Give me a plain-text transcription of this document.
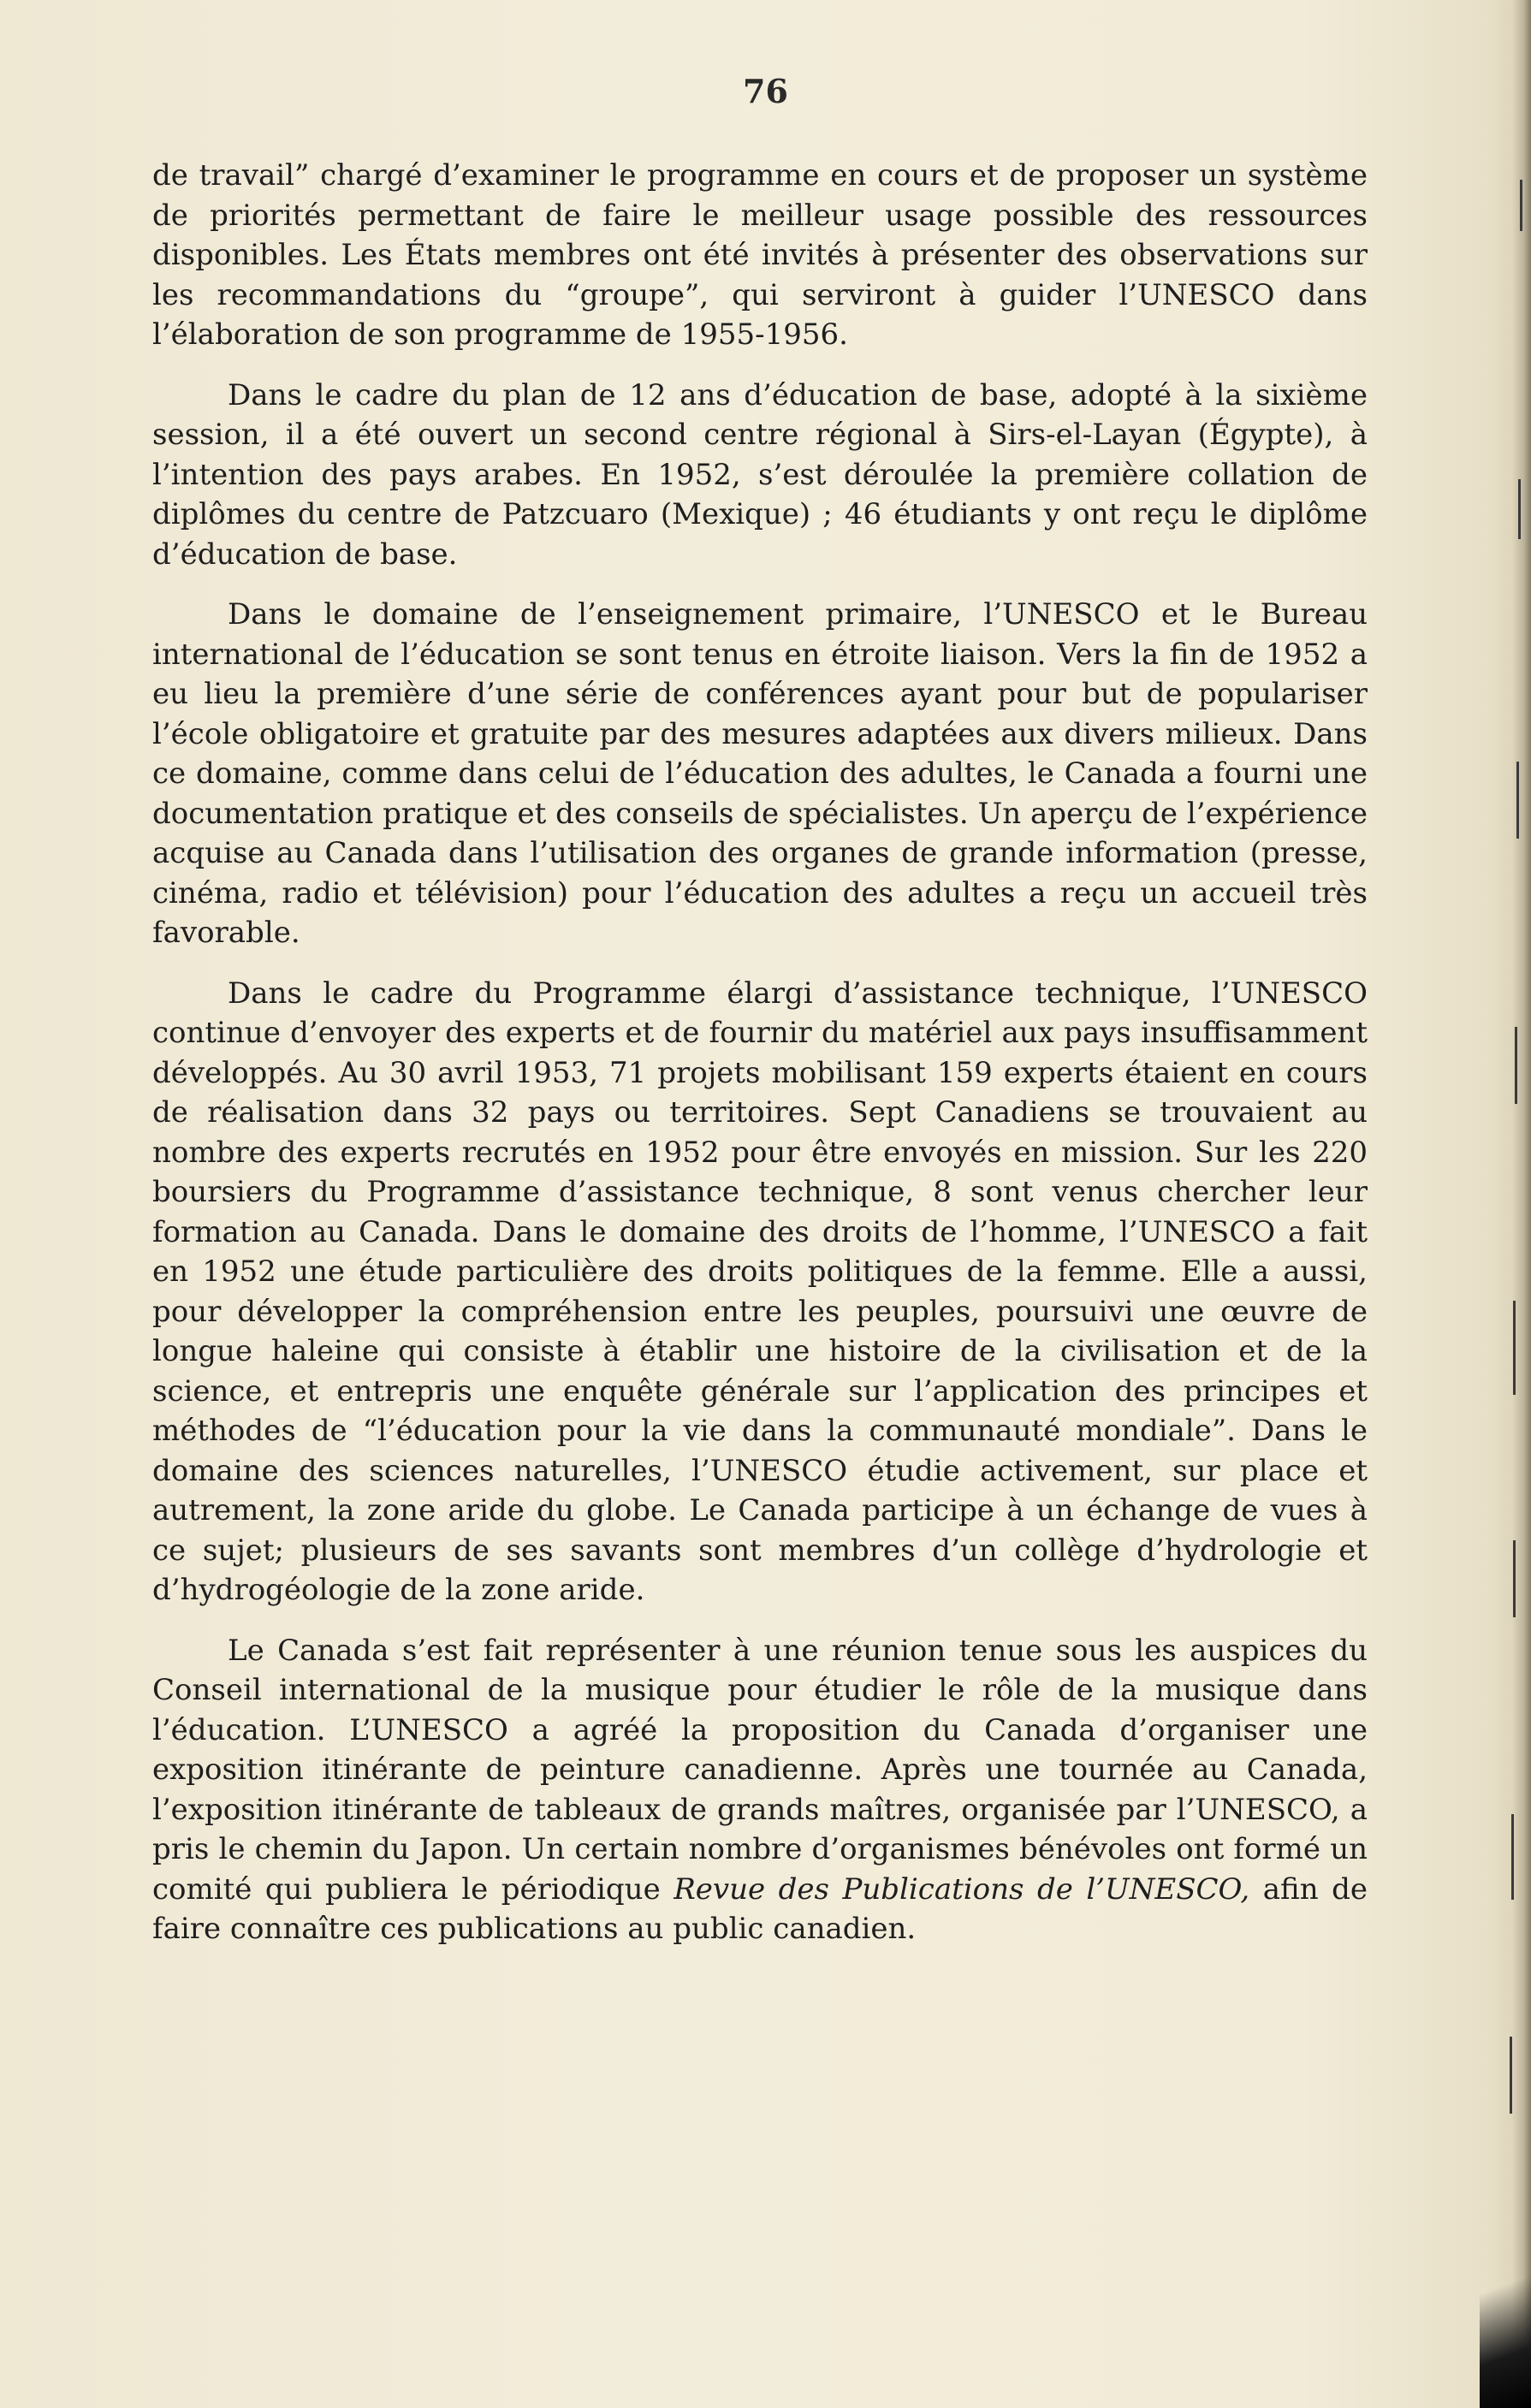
76

de travail” chargé d’examiner le programme en cours et de proposer un système de priorités permettant de faire le meilleur usage possible des ressources disponibles. Les États membres ont été invités à présenter des observations sur les recommandations du “groupe”, qui serviront à guider l’UNESCO dans l’élaboration de son programme de 1955-1956.

Dans le cadre du plan de 12 ans d’éducation de base, adopté à la sixième session, il a été ouvert un second centre régional à Sirs-el-Layan (Égypte), à l’intention des pays arabes. En 1952, s’est déroulée la première collation de diplômes du centre de Patzcuaro (Mexique) ; 46 étudiants y ont reçu le diplôme d’éducation de base.

Dans le domaine de l’enseignement primaire, l’UNESCO et le Bureau international de l’éducation se sont tenus en étroite liaison. Vers la fin de 1952 a eu lieu la première d’une série de conférences ayant pour but de populariser l’école obligatoire et gratuite par des mesures adaptées aux divers milieux. Dans ce domaine, comme dans celui de l’éducation des adultes, le Canada a fourni une documentation pratique et des conseils de spécialistes. Un aperçu de l’expérience acquise au Canada dans l’utilisation des organes de grande information (presse, cinéma, radio et télévision) pour l’éducation des adultes a reçu un accueil très favorable.

Dans le cadre du Programme élargi d’assistance technique, l’UNESCO continue d’envoyer des experts et de fournir du matériel aux pays insuffisamment développés. Au 30 avril 1953, 71 projets mobilisant 159 experts étaient en cours de réalisation dans 32 pays ou territoires. Sept Canadiens se trouvaient au nombre des experts recrutés en 1952 pour être envoyés en mission. Sur les 220 boursiers du Programme d’assistance technique, 8 sont venus chercher leur formation au Canada. Dans le domaine des droits de l’homme, l’UNESCO a fait en 1952 une étude particulière des droits politiques de la femme. Elle a aussi, pour développer la compréhension entre les peuples, poursuivi une œuvre de longue haleine qui consiste à établir une histoire de la civilisation et de la science, et entrepris une enquête générale sur l’application des principes et méthodes de “l’éducation pour la vie dans la communauté mondiale”. Dans le domaine des sciences naturelles, l’UNESCO étudie activement, sur place et autrement, la zone aride du globe. Le Canada participe à un échange de vues à ce sujet; plusieurs de ses savants sont membres d’un collège d’hydrologie et d’hydrogéologie de la zone aride.

Le Canada s’est fait représenter à une réunion tenue sous les auspices du Conseil international de la musique pour étudier le rôle de la musique dans l’éducation. L’UNESCO a agréé la proposition du Canada d’organiser une exposition itinérante de peinture canadienne. Après une tournée au Canada, l’exposition itinérante de tableaux de grands maîtres, organisée par l’UNESCO, a pris le chemin du Japon. Un certain nombre d’organismes bénévoles ont formé un comité qui publiera le périodique Revue des Publications de l’UNESCO, afin de faire connaître ces publications au public canadien.
